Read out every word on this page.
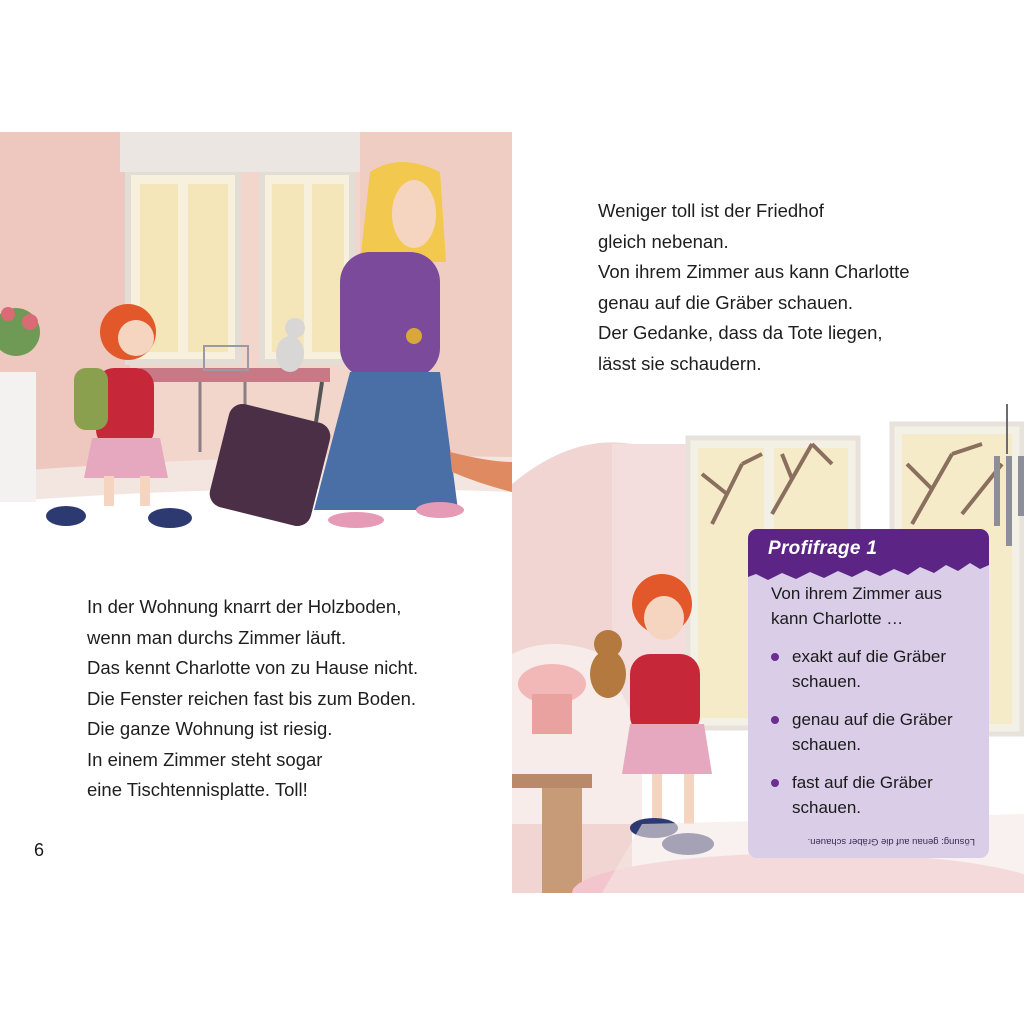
In der Wohnung knarrt der Holzboden,
wenn man durchs Zimmer läuft.
Das kennt Charlotte von zu Hause nicht.
Die Fenster reichen fast bis zum Boden.
Die ganze Wohnung ist riesig.
In einem Zimmer steht sogar
eine Tischtennisplatte. Toll!
6
Weniger toll ist der Friedhof
gleich nebenan.
Von ihrem Zimmer aus kann Charlotte
genau auf die Gräber schauen.
Der Gedanke, dass da Tote liegen,
lässt sie schaudern.
Profifrage 1
Von ihrem Zimmer aus
kann Charlotte …
exakt auf die Gräber schauen.
genau auf die Gräber schauen.
fast auf die Gräber schauen.
Lösung: genau auf die Gräber schauen.
